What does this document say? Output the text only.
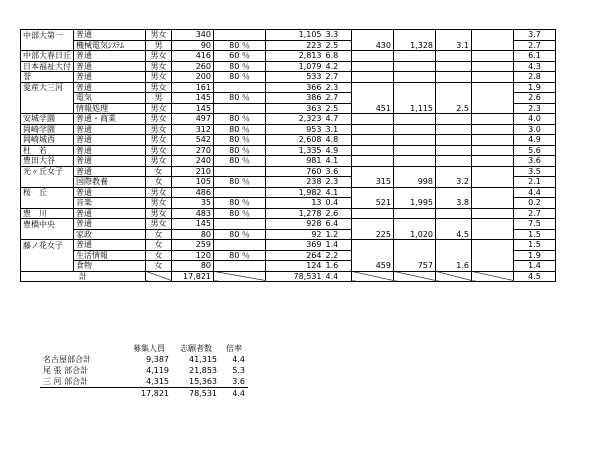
中部大第一	普通	男女	340		1,105	3.3					3.7
	機械電気ｼｽﾃﾑ	男	90	80 ％	223	2.5	430	1,328	3.1		2.7
中部大春日丘	普通	男女	416	60 ％	2,813	6.8					6.1
日本福祉大付	普通	男女	260	80 ％	1,079	4.2					4.3
誉	普通	男女	200	80 ％	533	2.7					2.8
愛産大三河	普通	男女	161		366	2.3					1.9
	電気	男	145	80 ％	386	2.7					2.6
	情報処理	男女	145		363	2.5	451	1,115	2.5		2.3
安城学園	普通・商業	男女	497	80 ％	2,323	4.7					4.0
岡崎学園	普通	男女	312	80 ％	953	3.1					3.0
岡崎城西	普通	男女	542	80 ％	2,608	4.8					4.9
杜　若	普通	男女	270	80 ％	1,335	4.9					5.6
豊田大谷	普通	男女	240	80 ％	981	4.1					3.6
光ヶ丘女子	普通	女	210		760	3.6					3.5
	国際教養	女	105	80 ％	238	2.3	315	998	3.2		2.1
桜　丘	普通	男女	486		1,982	4.1					4.4
	音楽	男女	35	80 ％	13	0.4	521	1,995	3.8		0.2
豊　川	普通	男女	483	80 ％	1,278	2.6					2.7
豊橋中央	普通	男女	145		928	6.4					7.5
	家政	女	80	80 ％	92	1.2	225	1,020	4.5		1.5
藤ノ花女子	普通	女	259		369	1.4					1.5
	生活情報	女	120	80 ％	264	2.2					1.9
	食物	女	80		124	1.6	459	757	1.6		1.4
計			17,821		78,531	4.4					4.5
	募集人員	志願者数	倍率
名古屋部合計	9,387	41,315	4.4
尾 張 部合計	4,119	21,853	5.3
三 河 部合計	4,315	15,363	3.6
	17,821	78,531	4.4
